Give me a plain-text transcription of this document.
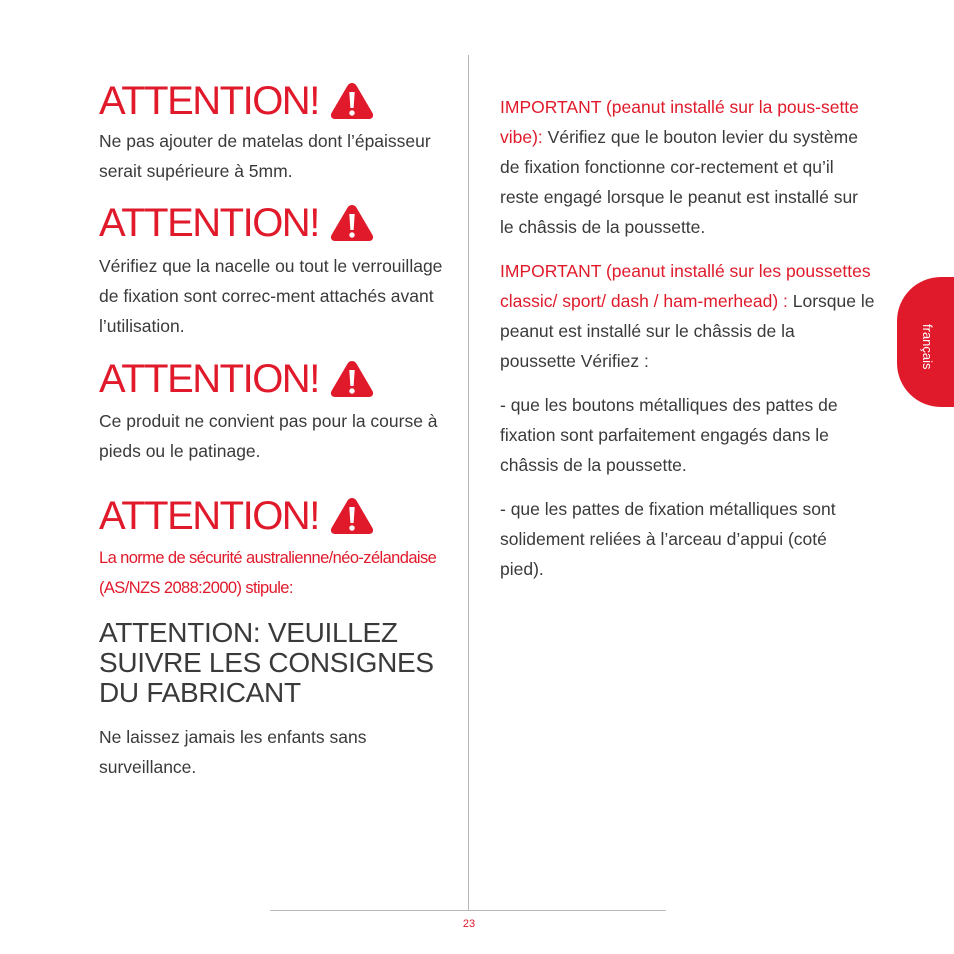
ATTENTION!
Ne pas ajouter de matelas dont l’épaisseur serait supérieure à 5mm.
ATTENTION!
Vérifiez que la nacelle ou tout le verrouillage de fixation sont correc-ment attachés avant l’utilisation.
ATTENTION!
Ce produit ne convient pas pour la course à pieds ou le patinage.
ATTENTION!
La norme de sécurité australienne/néo-zélandaise (AS/NZS 2088:2000) stipule:
ATTENTION: VEUILLEZ SUIVRE LES CONSIGNES DU FABRICANT
Ne laissez jamais les enfants sans surveillance.

IMPORTANT (peanut installé sur la pous-sette vibe): Vérifiez que le bouton levier du système de fixation fonctionne cor-rectement et qu’il reste engagé lorsque le peanut est installé sur le châssis de la poussette.

IMPORTANT (peanut installé sur les poussettes classic/ sport/ dash / ham-merhead) : Lorsque le peanut est installé sur le châssis de la poussette Vérifiez :

- que les boutons métalliques des pattes de fixation sont parfaitement engagés dans le châssis de la poussette.

- que les pattes de fixation métalliques sont solidement reliées à l’arceau d’appui (coté pied).

français
23
